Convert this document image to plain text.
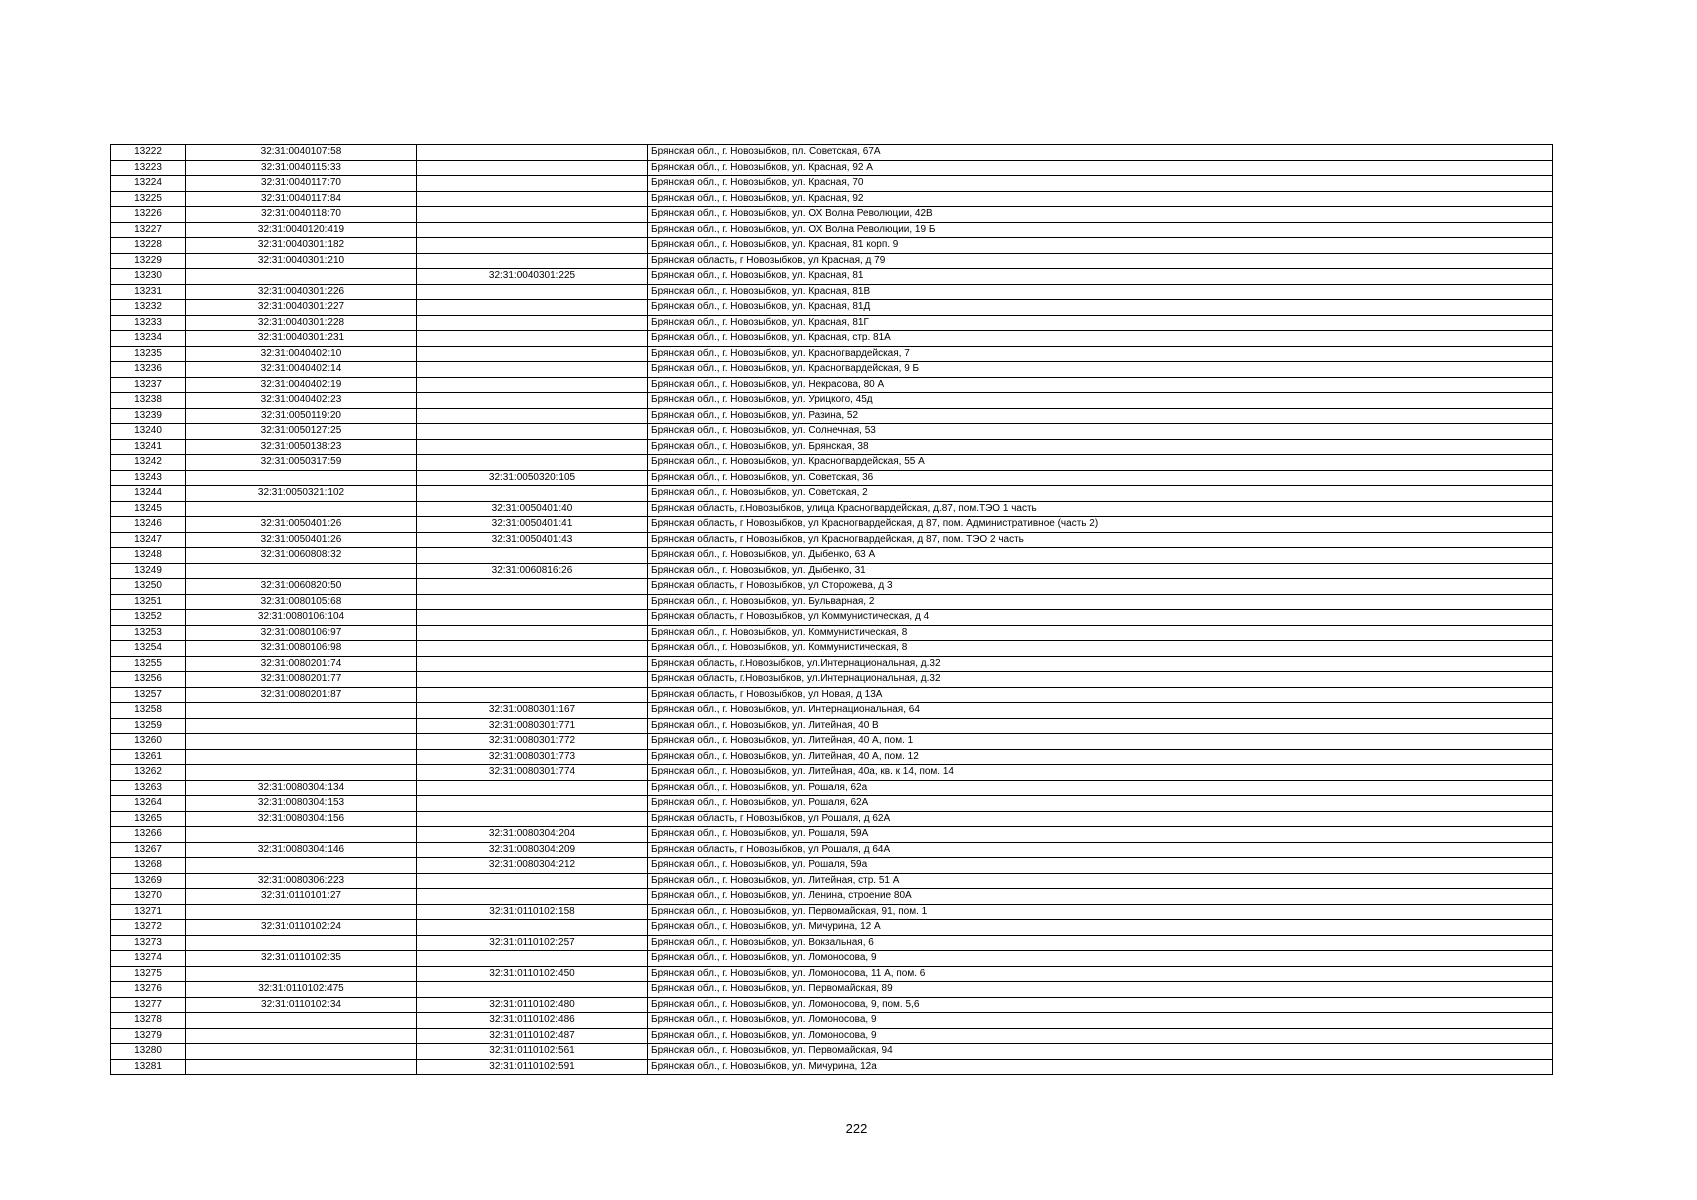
13222	32:31:0040107:58		Брянская обл., г. Новозыбков, пл. Советская, 67А
13223	32:31:0040115:33		Брянская обл., г. Новозыбков, ул. Красная, 92 А
13224	32:31:0040117:70		Брянская обл., г. Новозыбков, ул. Красная, 70
13225	32:31:0040117:84		Брянская обл., г. Новозыбков, ул. Красная, 92
13226	32:31:0040118:70		Брянская обл., г. Новозыбков, ул. ОХ Волна Революции, 42В
13227	32:31:0040120:419		Брянская обл., г. Новозыбков, ул. ОХ Волна Революции, 19 Б
13228	32:31:0040301:182		Брянская обл., г. Новозыбков, ул. Красная, 81 корп. 9
13229	32:31:0040301:210		Брянская область, г Новозыбков, ул Красная, д 79
13230		32:31:0040301:225	Брянская обл., г. Новозыбков, ул. Красная, 81
13231	32:31:0040301:226		Брянская обл., г. Новозыбков, ул. Красная, 81В
13232	32:31:0040301:227		Брянская обл., г. Новозыбков, ул. Красная, 81Д
13233	32:31:0040301:228		Брянская обл., г. Новозыбков, ул. Красная, 81Г
13234	32:31:0040301:231		Брянская обл., г. Новозыбков, ул. Красная, стр. 81А
13235	32:31:0040402:10		Брянская обл., г. Новозыбков, ул. Красногвардейская, 7
13236	32:31:0040402:14		Брянская обл., г. Новозыбков, ул. Красногвардейская, 9 Б
13237	32:31:0040402:19		Брянская обл., г. Новозыбков, ул. Некрасова, 80 А
13238	32:31:0040402:23		Брянская обл., г. Новозыбков, ул. Урицкого, 45д
13239	32:31:0050119:20		Брянская обл., г. Новозыбков, ул. Разина, 52
13240	32:31:0050127:25		Брянская обл., г. Новозыбков, ул. Солнечная, 53
13241	32:31:0050138:23		Брянская обл., г. Новозыбков, ул. Брянская, 38
13242	32:31:0050317:59		Брянская обл., г. Новозыбков, ул. Красногвардейская, 55 А
13243		32:31:0050320:105	Брянская обл., г. Новозыбков, ул. Советская, 36
13244	32:31:0050321:102		Брянская обл., г. Новозыбков, ул. Советская, 2
13245		32:31:0050401:40	Брянская область, г.Новозыбков, улица Красногвардейская, д.87, пом.ТЭО 1 часть
13246	32:31:0050401:26	32:31:0050401:41	Брянская область, г Новозыбков, ул Красногвардейская, д 87, пом. Административное (часть 2)
13247	32:31:0050401:26	32:31:0050401:43	Брянская область, г Новозыбков, ул Красногвардейская, д 87, пом. ТЭО 2 часть
13248	32:31:0060808:32		Брянская обл., г. Новозыбков, ул. Дыбенко, 63 А
13249		32:31:0060816:26	Брянская обл., г. Новозыбков, ул. Дыбенко, 31
13250	32:31:0060820:50		Брянская область, г Новозыбков, ул Сторожева, д 3
13251	32:31:0080105:68		Брянская обл., г. Новозыбков, ул. Бульварная, 2
13252	32:31:0080106:104		Брянская область, г Новозыбков, ул Коммунистическая, д 4
13253	32:31:0080106:97		Брянская обл., г. Новозыбков, ул. Коммунистическая, 8
13254	32:31:0080106:98		Брянская обл., г. Новозыбков, ул. Коммунистическая, 8
13255	32:31:0080201:74		Брянская область, г.Новозыбков, ул.Интернациональная, д.32
13256	32:31:0080201:77		Брянская область, г.Новозыбков, ул.Интернациональная, д.32
13257	32:31:0080201:87		Брянская область, г Новозыбков, ул Новая, д 13А
13258		32:31:0080301:167	Брянская обл., г. Новозыбков, ул. Интернациональная, 64
13259		32:31:0080301:771	Брянская обл., г. Новозыбков, ул. Литейная, 40 В
13260		32:31:0080301:772	Брянская обл., г. Новозыбков, ул. Литейная, 40 А, пом. 1
13261		32:31:0080301:773	Брянская обл., г. Новозыбков, ул. Литейная, 40 А, пом. 12
13262		32:31:0080301:774	Брянская обл., г. Новозыбков, ул. Литейная, 40а, кв. к 14, пом. 14
13263	32:31:0080304:134		Брянская обл., г. Новозыбков, ул. Рошаля, 62а
13264	32:31:0080304:153		Брянская обл., г. Новозыбков, ул. Рошаля, 62А
13265	32:31:0080304:156		Брянская область, г Новозыбков, ул Рошаля, д 62А
13266		32:31:0080304:204	Брянская обл., г. Новозыбков, ул. Рошаля, 59А
13267	32:31:0080304:146	32:31:0080304:209	Брянская область, г Новозыбков, ул Рошаля, д 64А
13268		32:31:0080304:212	Брянская обл., г. Новозыбков, ул. Рошаля, 59а
13269	32:31:0080306:223		Брянская обл., г. Новозыбков, ул. Литейная, стр. 51 А
13270	32:31:0110101:27		Брянская обл., г. Новозыбков, ул. Ленина, строение 80А
13271		32:31:0110102:158	Брянская обл., г. Новозыбков, ул. Первомайская, 91, пом. 1
13272	32:31:0110102:24		Брянская обл., г. Новозыбков, ул. Мичурина, 12 А
13273		32:31:0110102:257	Брянская обл., г. Новозыбков, ул. Вокзальная, 6
13274	32:31:0110102:35		Брянская обл., г. Новозыбков, ул. Ломоносова, 9
13275		32:31:0110102:450	Брянская обл., г. Новозыбков, ул. Ломоносова, 11 А, пом. 6
13276	32:31:0110102:475		Брянская обл., г. Новозыбков, ул. Первомайская, 89
13277	32:31:0110102:34	32:31:0110102:480	Брянская обл., г. Новозыбков, ул. Ломоносова, 9, пом. 5,6
13278		32:31:0110102:486	Брянская обл., г. Новозыбков, ул. Ломоносова, 9
13279		32:31:0110102:487	Брянская обл., г. Новозыбков, ул. Ломоносова, 9
13280		32:31:0110102:561	Брянская обл., г. Новозыбков, ул. Первомайская, 94
13281		32:31:0110102:591	Брянская обл., г. Новозыбков, ул. Мичурина, 12а
222
